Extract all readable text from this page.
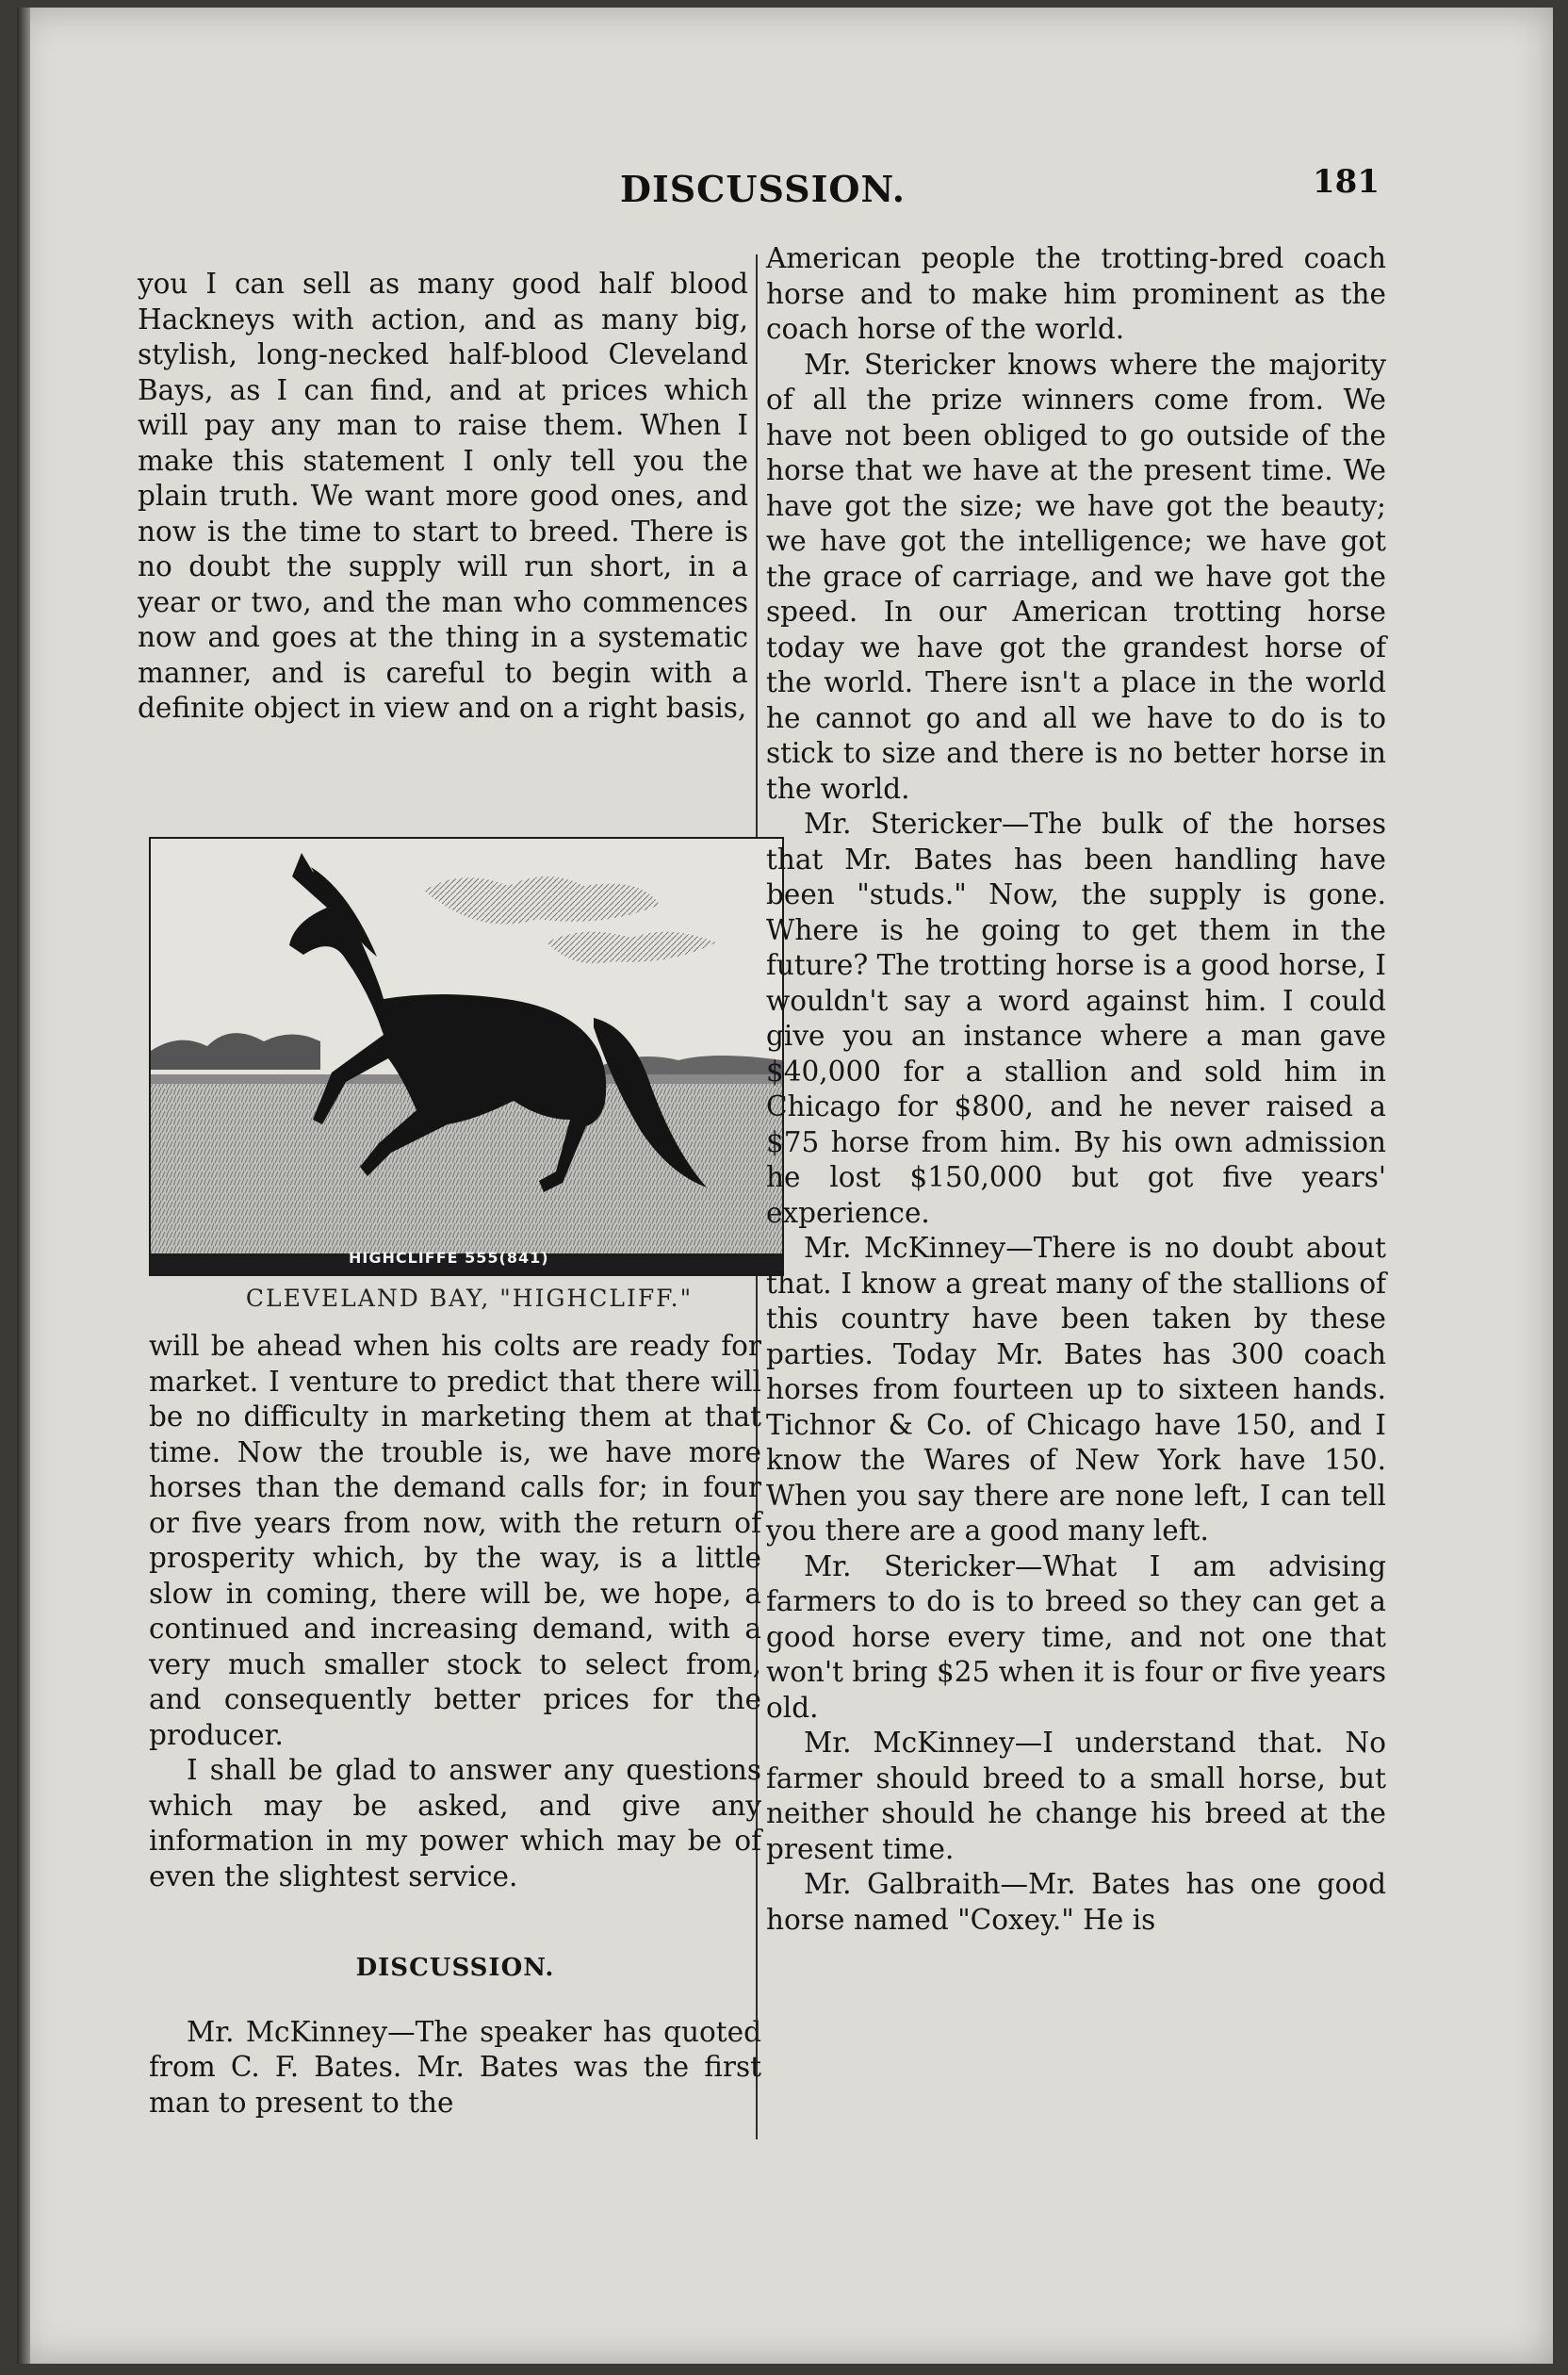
DISCUSSION.	181

you I can sell as many good half blood Hackneys with action, and as many big, stylish, long-necked half-blood Cleveland Bays, as I can find, and at prices which will pay any man to raise them. When I make this statement I only tell you the plain truth. We want more good ones, and now is the time to start to breed. There is no doubt the supply will run short, in a year or two, and the man who commences now and goes at the thing in a systematic manner, and is careful to begin with a definite object in view and on a right basis,

HIGHCLIFFE 555(841)
CLEVELAND BAY, "HIGHCLIFF."

will be ahead when his colts are ready for market. I venture to predict that there will be no difficulty in marketing them at that time. Now the trouble is, we have more horses than the demand calls for; in four or five years from now, with the return of prosperity which, by the way, is a little slow in coming, there will be, we hope, a continued and increasing demand, with a very much smaller stock to select from, and consequently better prices for the producer.

I shall be glad to answer any questions which may be asked, and give any information in my power which may be of even the slightest service.

DISCUSSION.

Mr. McKinney—The speaker has quoted from C. F. Bates. Mr. Bates was the first man to present to the

American people the trotting-bred coach horse and to make him prominent as the coach horse of the world.

Mr. Stericker knows where the majority of all the prize winners come from. We have not been obliged to go outside of the horse that we have at the present time. We have got the size; we have got the beauty; we have got the intelligence; we have got the grace of carriage, and we have got the speed. In our American trotting horse today we have got the grandest horse of the world. There isn't a place in the world he cannot go and all we have to do is to stick to size and there is no better horse in the world.

Mr. Stericker—The bulk of the horses that Mr. Bates has been handling have been "studs." Now, the supply is gone. Where is he going to get them in the future? The trotting horse is a good horse, I wouldn't say a word against him. I could give you an instance where a man gave $40,000 for a stallion and sold him in Chicago for $800, and he never raised a $75 horse from him. By his own admission he lost $150,000 but got five years' experience.

Mr. McKinney—There is no doubt about that. I know a great many of the stallions of this country have been taken by these parties. Today Mr. Bates has 300 coach horses from fourteen up to sixteen hands. Tichnor & Co. of Chicago have 150, and I know the Wares of New York have 150. When you say there are none left, I can tell you there are a good many left.

Mr. Stericker—What I am advising farmers to do is to breed so they can get a good horse every time, and not one that won't bring $25 when it is four or five years old.

Mr. McKinney—I understand that. No farmer should breed to a small horse, but neither should he change his breed at the present time.

Mr. Galbraith—Mr. Bates has one good horse named "Coxey." He is
